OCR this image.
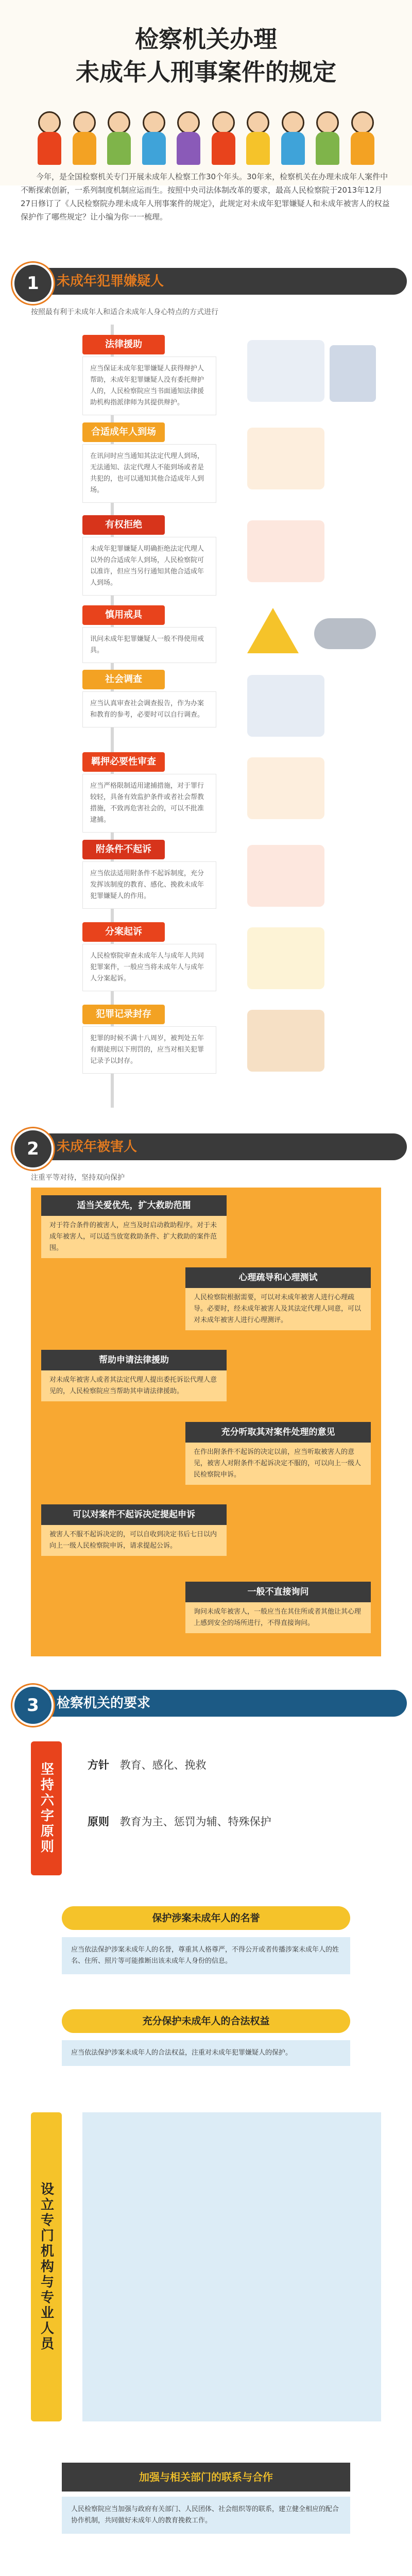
检察机关办理
未成年人刑事案件的规定
今年，是全国检察机关专门开展未成年人检察工作30个年头。30年来，检察机关在办理未成年人案件中不断探索创新，一系列制度机制应运而生。按照中央司法体制改革的要求，最高人民检察院于2013年12月27日修订了《人民检察院办理未成年人刑事案件的规定》，此规定对未成年犯罪嫌疑人和未成年被害人的权益保护作了哪些规定？让小编为你一一梳理。
未成年犯罪嫌疑人
1
按照最有利于未成年人和适合未成年人身心特点的方式进行
法律援助
应当保证未成年犯罪嫌疑人获得辩护人帮助，未成年犯罪嫌疑人没有委托辩护人的，人民检察院应当书面通知法律援助机构指派律师为其提供辩护。
合适成年人到场
在讯问时应当通知其法定代理人到场，无法通知、法定代理人不能到场或者是共犯的，也可以通知其他合适成年人到场。
有权拒绝
未成年犯罪嫌疑人明确拒绝法定代理人以外的合适成年人到场，人民检察院可以准许，但应当另行通知其他合适成年人到场。
慎用戒具
讯问未成年犯罪嫌疑人一般不得使用戒具。
社会调查
应当认真审查社会调查报告，作为办案和教育的参考，必要时可以自行调查。
羁押必要性审查
应当严格限制适用逮捕措施，对于罪行较轻，具备有效监护条件或者社会帮教措施，不致再危害社会的，可以不批准逮捕。
附条件不起诉
应当依法适用附条件不起诉制度，充分发挥该制度的教育、感化、挽救未成年犯罪嫌疑人的作用。
分案起诉
人民检察院审查未成年人与成年人共同犯罪案件，一般应当将未成年人与成年人分案起诉。
犯罪记录封存
犯罪的时候不满十八周岁，被判处五年有期徒刑以下刑罚的，应当对相关犯罪记录予以封存。
未成年被害人
2
注重平等对待，坚持双向保护
适当关爱优先，扩大救助范围
对于符合条件的被害人，应当及时启动救助程序。对于未成年被害人，可以适当放宽救助条件、扩大救助的案件范围。
心理疏导和心理测试
人民检察院根据需要，可以对未成年被害人进行心理疏导。必要时，经未成年被害人及其法定代理人同意，可以对未成年被害人进行心理测评。
帮助申请法律援助
对未成年被害人或者其法定代理人提出委托诉讼代理人意见的，人民检察院应当帮助其申请法律援助。
充分听取其对案件处理的意见
在作出附条件不起诉的决定以前，应当听取被害人的意见，被害人对附条件不起诉决定不服的，可以向上一级人民检察院申诉。
可以对案件不起诉决定提起申诉
被害人不服不起诉决定的，可以自收到决定书后七日以内向上一级人民检察院申诉，请求提起公诉。
一般不直接询问
询问未成年被害人，一般应当在其住所或者其他让其心理上感到安全的场所进行，不得直接询问。
检察机关的要求
3
坚持六字原则	方针 教育、感化、挽救
原则 教育为主、惩罚为辅、特殊保护
保护涉案未成年人的名誉
应当依法保护涉案未成年人的名誉，尊重其人格尊严，不得公开或者传播涉案未成年人的姓名、住所、照片等可能推断出该未成年人身份的信息。
充分保护未成年人的合法权益
应当依法保护涉案未成年人的合法权益，注重对未成年犯罪嫌疑人的保护。
设立专门机构与专业人员
加强与相关部门的联系与合作
人民检察院应当加强与政府有关部门、人民团体、社会组织等的联系，建立健全相应的配合协作机制，共同做好未成年人的教育挽救工作。
